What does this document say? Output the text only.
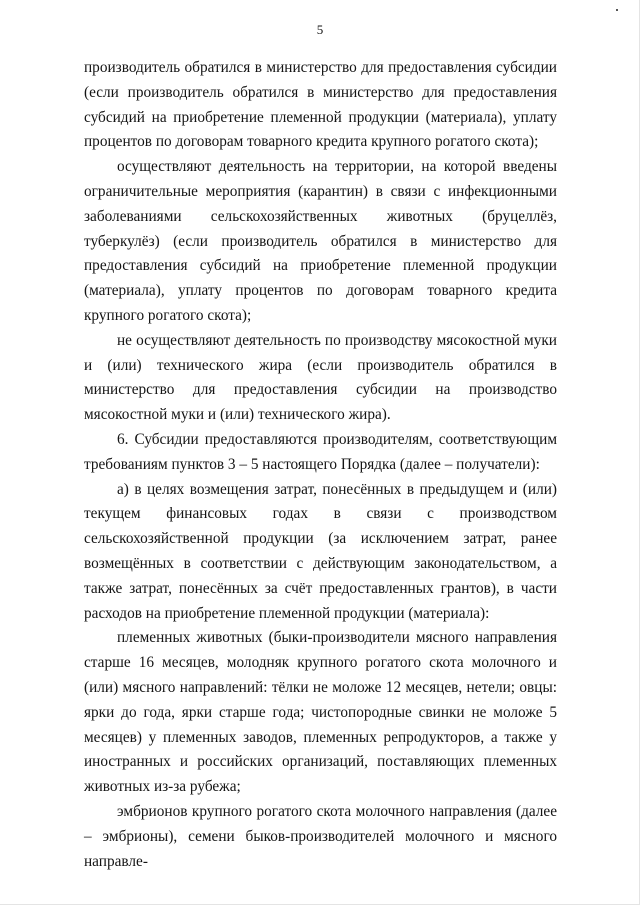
5

производитель обратился в министерство для предоставления субсидии (если производитель обратился в министерство для предоставления субсидий на приобретение племенной продукции (материала), уплату процентов по договорам товарного кредита крупного рогатого скота);

осуществляют деятельность на территории, на которой введены ограничительные мероприятия (карантин) в связи с инфекционными заболеваниями сельскохозяйственных животных (бруцеллёз, туберкулёз) (если производитель обратился в министерство для предоставления субсидий на приобретение племенной продукции (материала), уплату процентов по договорам товарного кредита крупного рогатого скота);

не осуществляют деятельность по производству мясокостной муки и (или) технического жира (если производитель обратился в министерство для предоставления субсидии на производство мясокостной муки и (или) технического жира).

6. Субсидии предоставляются производителям, соответствующим требованиям пунктов 3 – 5 настоящего Порядка (далее – получатели):

а) в целях возмещения затрат, понесённых в предыдущем и (или) текущем финансовых годах в связи с производством сельскохозяйственной продукции (за исключением затрат, ранее возмещённых в соответствии с действующим законодательством, а также затрат, понесённых за счёт предоставленных грантов), в части расходов на приобретение племенной продукции (материала):

племенных животных (быки-производители мясного направления старше 16 месяцев, молодняк крупного рогатого скота молочного и (или) мясного направлений: тёлки не моложе 12 месяцев, нетели; овцы: ярки до года, ярки старше года; чистопородные свинки не моложе 5 месяцев) у племенных заводов, племенных репродукторов, а также у иностранных и российских организаций, поставляющих племенных животных из-за рубежа;

эмбрионов крупного рогатого скота молочного направления (далее – эмбрионы), семени быков-производителей молочного и мясного направле-
